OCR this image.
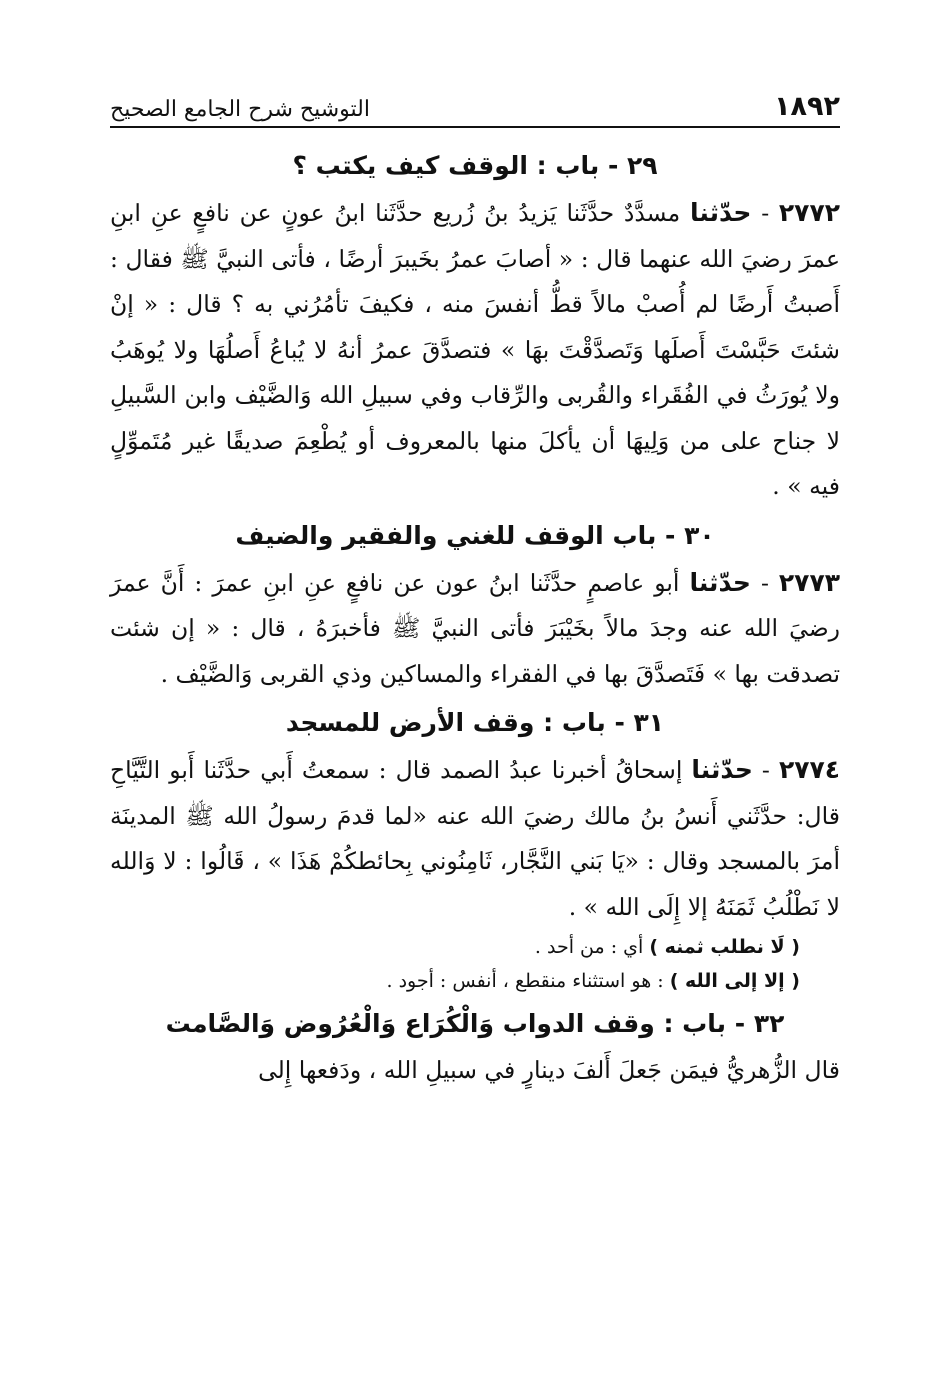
١٨٩٢
التوشيح شرح الجامع الصحيح
٢٩ - باب : الوقف كيف يكتب ؟

٢٧٧٢ - حدّثنا مسدَّدٌ حدَّثَنا يَزيدُ بنُ زُريع حدَّثَنا ابنُ عونٍ عن نافعٍ عنِ ابنِ عمرَ رضيَ الله عنهما قال : « أصابَ عمرُ بخَيبرَ أرضًا ، فأتى النبيَّ ﷺ فقال : أَصبتُ أَرضًا لم أُصبْ مالاً قطُّ أنفسَ منه ، فكيفَ تأمُرُني به ؟ قال : « إنْ شئتَ حَبَّسْتَ أَصلَها وَتَصدَّقْتَ بهَا » فتصدَّقَ عمرُ أنهُ لا يُباعُ أَصلُهَا ولا يُوهَبُ ولا يُورَثُ في الفُقَراء والقُربى والرِّقاب وفي سبيلِ الله وَالضَّيْف وابن السَّبيلِ لا جناح على من وَلِيهَا أن يأكلَ منها بالمعروف أو يُطْعِمَ صديقًا غير مُتَموِّلٍ فيه » .

٣٠ - باب الوقف للغني والفقير والضيف

٢٧٧٣ - حدّثنا أبو عاصمٍ حدَّثَنا ابنُ عون عن نافعٍ عنِ ابنِ عمرَ : أَنَّ عمرَ رضيَ الله عنه وجدَ مالاً بخَيْبَرَ فأتى النبيَّ ﷺ فأخبرَهُ ، قال : « إن شئت تصدقت بها » فَتَصدَّقَ بها في الفقراء والمساكين وذي القربى وَالضَّيْف .

٣١ - باب : وقف الأرض للمسجد

٢٧٧٤ - حدّثنا إسحاقُ أخبرنا عبدُ الصمد قال : سمعتُ أَبي حدَّثَنا أَبو التَّيَّاحِ قال: حدَّثَني أَنسُ بنُ مالك رضيَ الله عنه «لما قدمَ رسولُ الله ﷺ المدينَة أمرَ بالمسجد وقال : «يَا بَني النَّجَّار، ثَامِنُوني بِحائطكُمْ هَذَا » ، قَالُوا : لا وَالله لا نَطْلُبُ ثَمَنَهُ إلا إِلَى الله » .

( لَا نطلب ثمنه ) أي : من أحد .

( إلا إلى الله ) : هو استثناء منقطع ، أنفس : أجود .

٣٢ - باب : وقف الدواب وَالْكُرَاع وَالْعُرُوض وَالصَّامت

قال الزُّهريُّ فيمَن جَعلَ أَلفَ دينارٍ في سبيلِ الله ، ودَفعها إِلى
